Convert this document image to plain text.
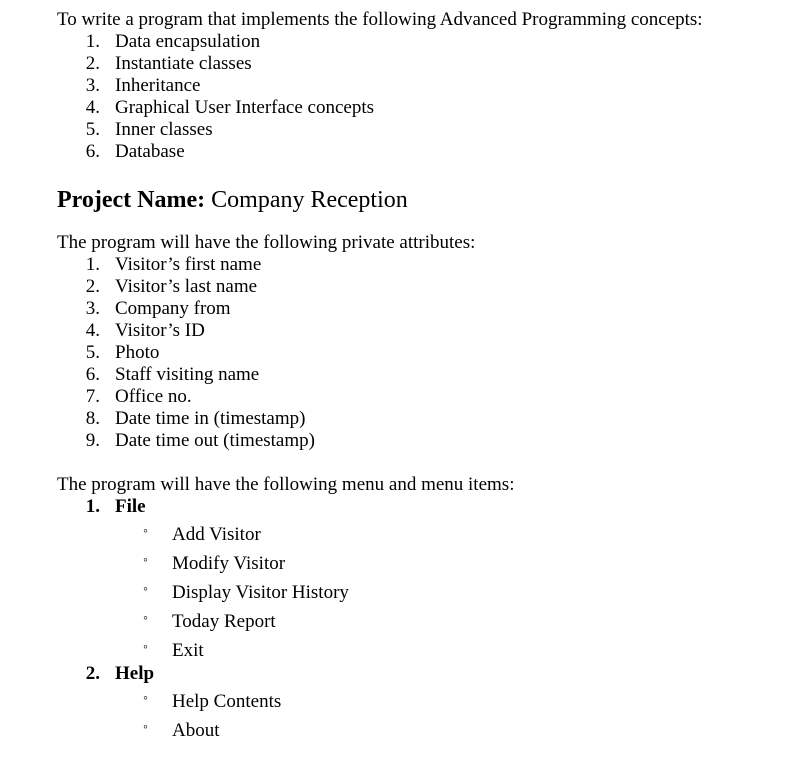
To write a program that implements the following Advanced Programming concepts:
1. Data encapsulation
2. Instantiate classes
3. Inheritance
4. Graphical User Interface concepts
5. Inner classes
6. Database
Project Name: Company Reception
The program will have the following private attributes:
1. Visitor’s first name
2. Visitor’s last name
3. Company from
4. Visitor’s ID
5. Photo
6. Staff visiting name
7. Office no.
8. Date time in (timestamp)
9. Date time out (timestamp)
The program will have the following menu and menu items:
1. File
◦ Add Visitor
◦ Modify Visitor
◦ Display Visitor History
◦ Today Report
◦ Exit
2. Help
◦ Help Contents
◦ About
